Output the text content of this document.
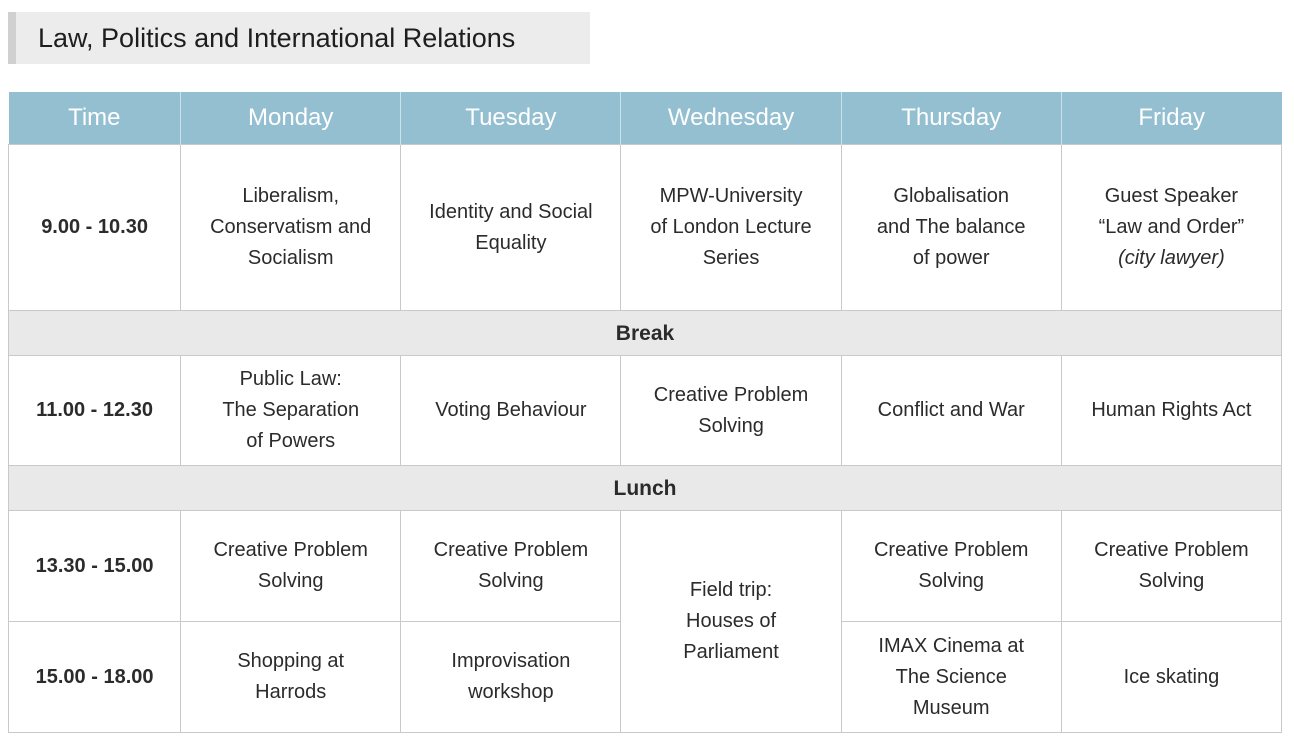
Law, Politics and International Relations
Time	Monday	Tuesday	Wednesday	Thursday	Friday
9.00 - 10.30	Liberalism,
Conservatism and
Socialism	Identity and Social
Equality	MPW-University
of London Lecture
Series	Globalisation
and The balance
of power	Guest Speaker
“Law and Order”
(city lawyer)

Break					
11.00 - 12.30	Public Law:
The Separation
of Powers	Voting Behaviour	Creative Problem
Solving	Conflict and War	Human Rights Act

Lunch					
13.30 - 15.00	Creative Problem
Solving	Creative Problem
Solving	Field trip:
Houses of
Parliament	Creative Problem
Solving	Creative Problem
Solving

15.00 - 18.00	Shopping at
Harrods	Improvisation
workshop		IMAX Cinema at
The Science
Museum	Ice skating
